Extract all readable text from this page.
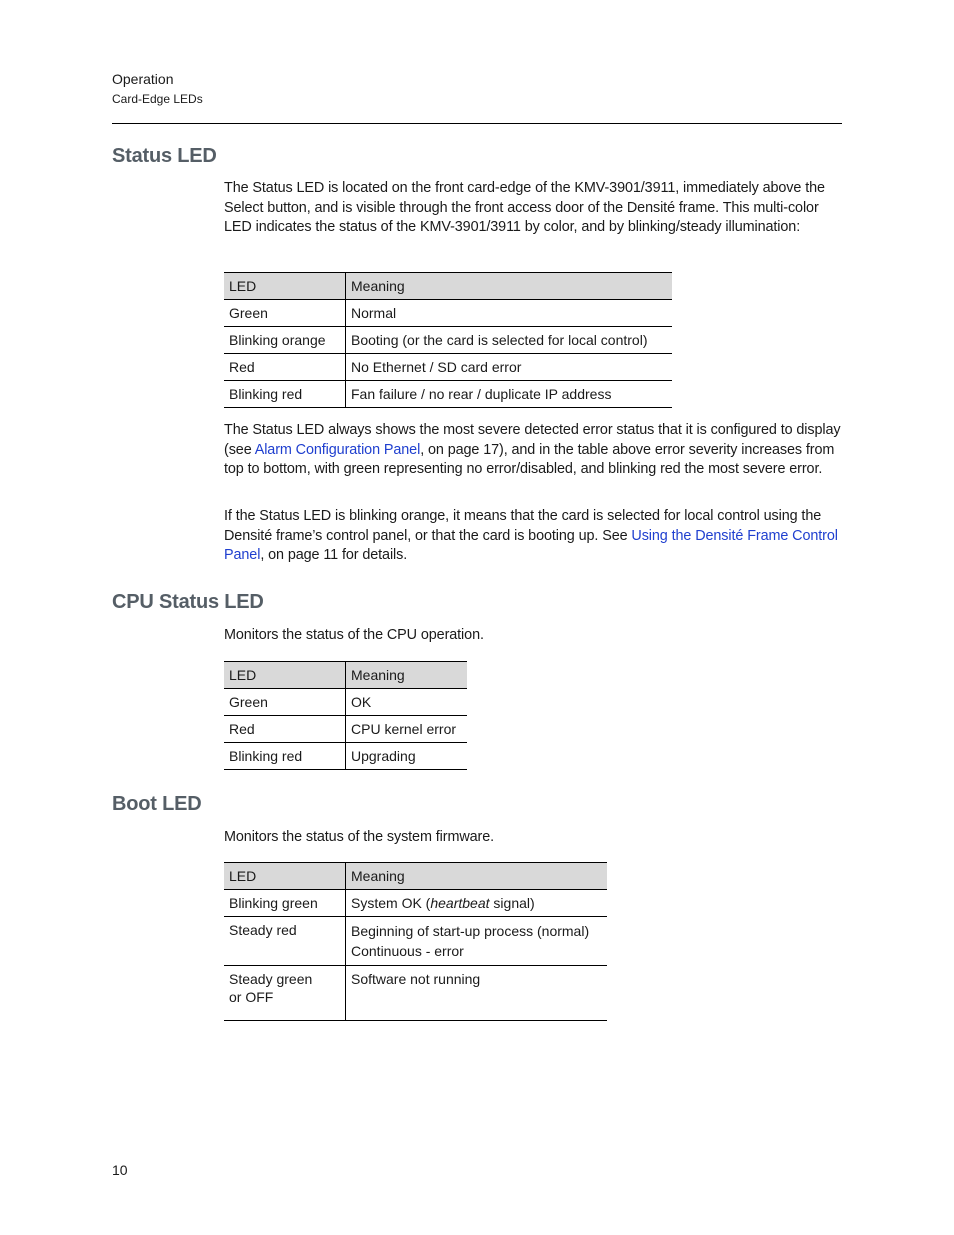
Operation
Card-Edge LEDs
Status LED

The Status LED is located on the front card-edge of the KMV-3901/3911, immediately above the Select button, and is visible through the front access door of the Densité frame. This multi-color LED indicates the status of the KMV-3901/3911 by color, and by blinking/steady illumination:

LED	Meaning
Green	Normal
Blinking orange	Booting (or the card is selected for local control)
Red	No Ethernet / SD card error
Blinking red	Fan failure / no rear / duplicate IP address

The Status LED always shows the most severe detected error status that it is configured to display (see Alarm Configuration Panel, on page 17), and in the table above error severity increases from top to bottom, with green representing no error/disabled, and blinking red the most severe error.

If the Status LED is blinking orange, it means that the card is selected for local control using the Densité frame’s control panel, or that the card is booting up. See Using the Densité Frame Control Panel, on page 11 for details.

CPU Status LED

Monitors the status of the CPU operation.

LED	Meaning
Green	OK
Red	CPU kernel error
Blinking red	Upgrading
Boot LED

Monitors the status of the system firmware.

LED	Meaning
Blinking green	System OK (heartbeat signal)
Steady red	Beginning of start-up process (normal)
Continuous - error

Steady green
or OFF	Software not running
10
